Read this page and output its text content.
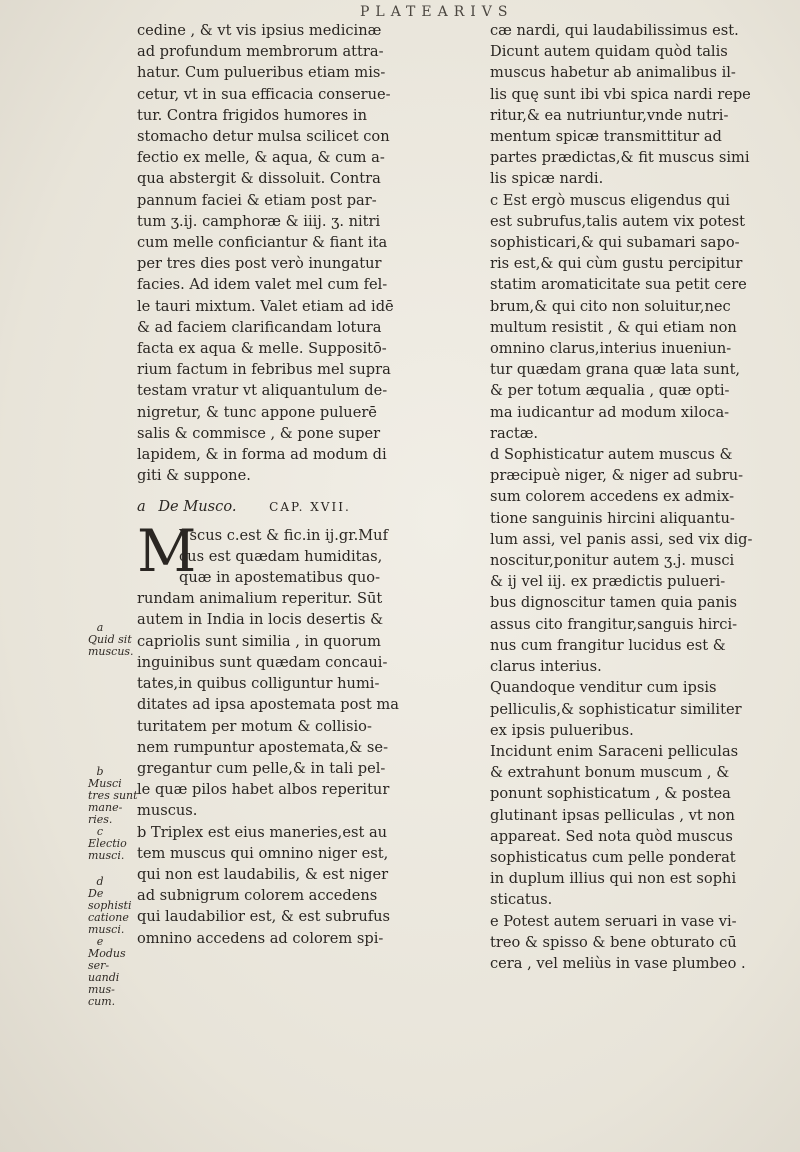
PLATEARIVS
a
Quid sit muscus.
b
Musci tres sunt mane-ries.
c
Electio musci.
d
De sophisti catione musci.
e
Modus ser-uandi mus-cum.
cedine , & vt vis ipsius medicinæ
ad profundum membrorum attra-
hatur. Cum pulueribus etiam mis-
cetur, vt in sua efficacia conserue-
tur. Contra frigidos humores in
stomacho detur mulsa scilicet con
fectio ex melle, & aqua, & cum a-
qua abstergit & dissoluit. Contra
pannum faciei & etiam post par-
tum ʒ.ij. camphoræ & iiij. ʒ. nitri
cum melle conficiantur & fiant ita
per tres dies post verò inungatur
facies. Ad idem valet mel cum fel-
le tauri mixtum. Valet etiam ad idē
& ad faciem clarificandam lotura
facta ex aqua & melle. Suppositō-
rium factum in febribus mel supra
testam vratur vt aliquantulum de-
nigretur, & tunc appone puluerē
salis & commisce , & pone super
lapidem, & in forma ad modum di
giti & suppone.
a De Musco.	CAP. XVII.
M
Vscus c.est & fic.in ij.gr.Muf
cus est quædam humiditas,
quæ in apostematibus quo-
rundam animalium reperitur. Sūt
autem in India in locis desertis &
capriolis sunt similia , in quorum
inguinibus sunt quædam concaui-
tates,in quibus colliguntur humi-
ditates ad ipsa apostemata post ma
turitatem per motum & collisio-
nem rumpuntur apostemata,& se-
gregantur cum pelle,& in tali pel-
le quæ pilos habet albos reperitur
muscus.
b Triplex est eius maneries,est au
tem muscus qui omnino niger est,
qui non est laudabilis, & est niger
ad subnigrum colorem accedens
qui laudabilior est, & est subrufus
omnino accedens ad colorem spi-
cæ nardi, qui laudabilissimus est.
Dicunt autem quidam quòd talis
muscus habetur ab animalibus il-
lis quę sunt ibi vbi spica nardi repe
ritur,& ea nutriuntur,vnde nutri-
mentum spicæ transmittitur ad
partes prædictas,& fit muscus simi
lis spicæ nardi.
c Est ergò muscus eligendus qui
est subrufus,talis autem vix potest
sophisticari,& qui subamari sapo-
ris est,& qui cùm gustu percipitur
statim aromaticitate sua petit cere
brum,& qui cito non soluitur,nec
multum resistit , & qui etiam non
omnino clarus,interius inueniun-
tur quædam grana quæ lata sunt,
& per totum æqualia , quæ opti-
ma iudicantur ad modum xiloca-
ractæ.
d Sophisticatur autem muscus &
præcipuè niger, & niger ad subru-
sum colorem accedens ex admix-
tione sanguinis hircini aliquantu-
lum assi, vel panis assi, sed vix dig-
noscitur,ponitur autem ʒ.j. musci
& ij vel iij. ex prædictis pulueri-
bus dignoscitur tamen quia panis
assus cito frangitur,sanguis hirci-
nus cum frangitur lucidus est &
clarus interius.
Quandoque venditur cum ipsis
pelliculis,& sophisticatur similiter
ex ipsis pulueribus.
Incidunt enim Saraceni pelliculas
& extrahunt bonum muscum , &
ponunt sophisticatum , & postea
glutinant ipsas pelliculas , vt non
appareat. Sed nota quòd muscus
sophisticatus cum pelle ponderat
in duplum illius qui non est sophi
sticatus.
e Potest autem seruari in vase vi-
treo & spisso & bene obturato cū
cera , vel meliùs in vase plumbeo .
